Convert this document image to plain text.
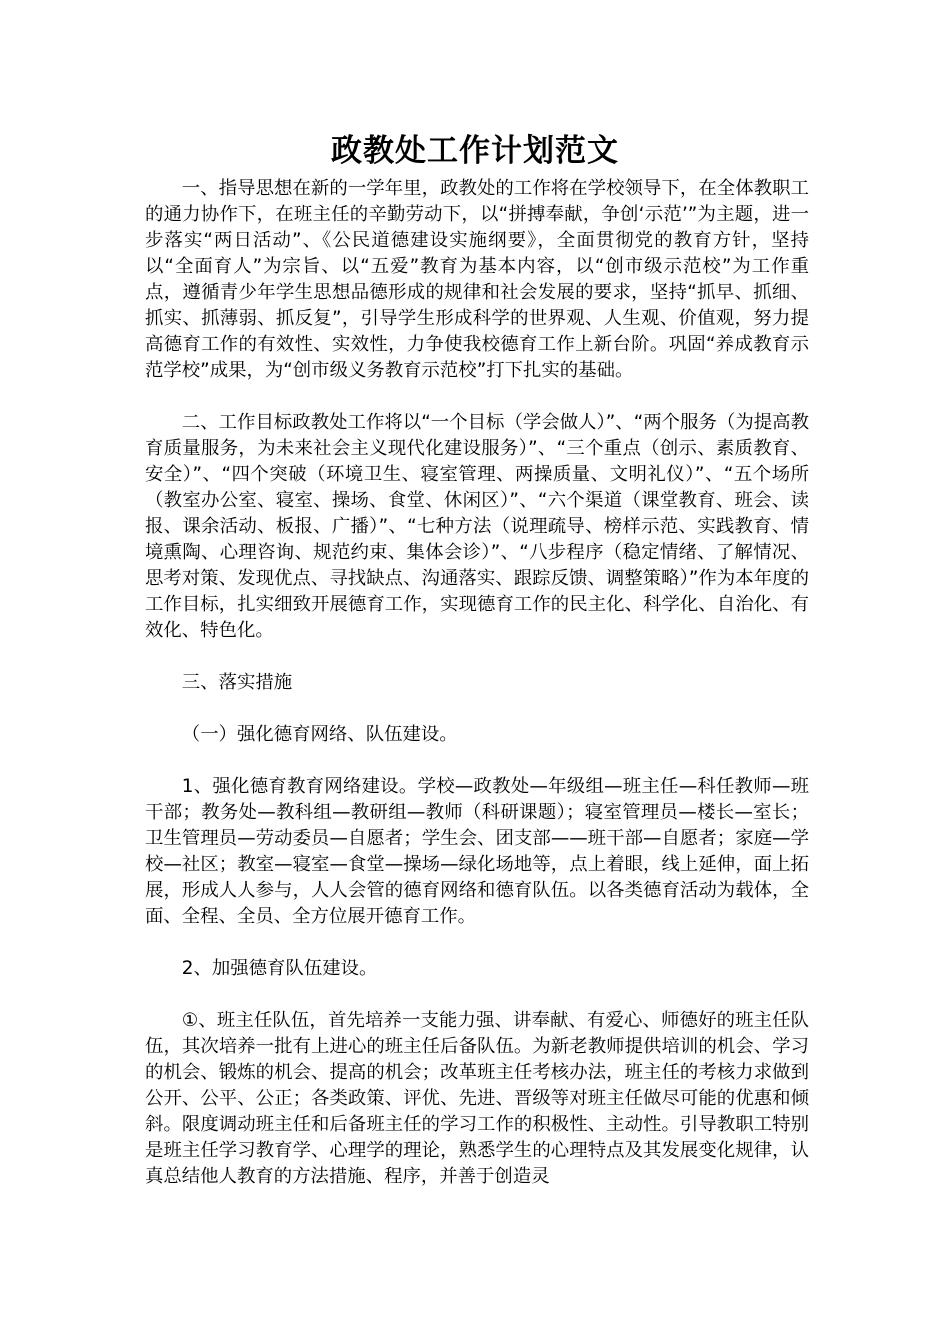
政教处工作计划范文

一、指导思想在新的一学年里，政教处的工作将在学校领导下，在全体教职工的通力协作下，在班主任的辛勤劳动下，以“拼搏奉献，争创‘示范’”为主题，进一步落实“两日活动”、《公民道德建设实施纲要》，全面贯彻党的教育方针，坚持以“全面育人”为宗旨、以“五爱”教育为基本内容，以“创市级示范校”为工作重点，遵循青少年学生思想品德形成的规律和社会发展的要求，坚持“抓早、抓细、抓实、抓薄弱、抓反复”，引导学生形成科学的世界观、人生观、价值观，努力提高德育工作的有效性、实效性，力争使我校德育工作上新台阶。巩固“养成教育示范学校”成果，为“创市级义务教育示范校”打下扎实的基础。

二、工作目标政教处工作将以“一个目标（学会做人）”、“两个服务（为提高教育质量服务，为未来社会主义现代化建设服务）”、“三个重点（创示、素质教育、安全）”、“四个突破（环境卫生、寝室管理、两操质量、文明礼仪）”、“五个场所（教室办公室、寝室、操场、食堂、休闲区）”、“六个渠道（课堂教育、班会、读报、课余活动、板报、广播）”、“七种方法（说理疏导、榜样示范、实践教育、情境熏陶、心理咨询、规范约束、集体会诊）”、“八步程序（稳定情绪、了解情况、思考对策、发现优点、寻找缺点、沟通落实、跟踪反馈、调整策略）”作为本年度的工作目标，扎实细致开展德育工作，实现德育工作的民主化、科学化、自治化、有效化、特色化。

三、落实措施

（一）强化德育网络、队伍建设。

1、强化德育教育网络建设。学校—政教处—年级组—班主任—科任教师—班干部；教务处—教科组—教研组—教师（科研课题）；寝室管理员—楼长—室长；卫生管理员—劳动委员—自愿者；学生会、团支部——班干部—自愿者；家庭—学校—社区；教室—寝室—食堂—操场—绿化场地等，点上着眼，线上延伸，面上拓展，形成人人参与，人人会管的德育网络和德育队伍。以各类德育活动为载体，全面、全程、全员、全方位展开德育工作。

2、加强德育队伍建设。

①、班主任队伍，首先培养一支能力强、讲奉献、有爱心、师德好的班主任队伍，其次培养一批有上进心的班主任后备队伍。为新老教师提供培训的机会、学习的机会、锻炼的机会、提高的机会；改革班主任考核办法，班主任的考核力求做到公开、公平、公正；各类政策、评优、先进、晋级等对班主任做尽可能的优惠和倾斜。限度调动班主任和后备班主任的学习工作的积极性、主动性。引导教职工特别是班主任学习教育学、心理学的理论，熟悉学生的心理特点及其发展变化规律，认真总结他人教育的方法措施、程序，并善于创造灵
